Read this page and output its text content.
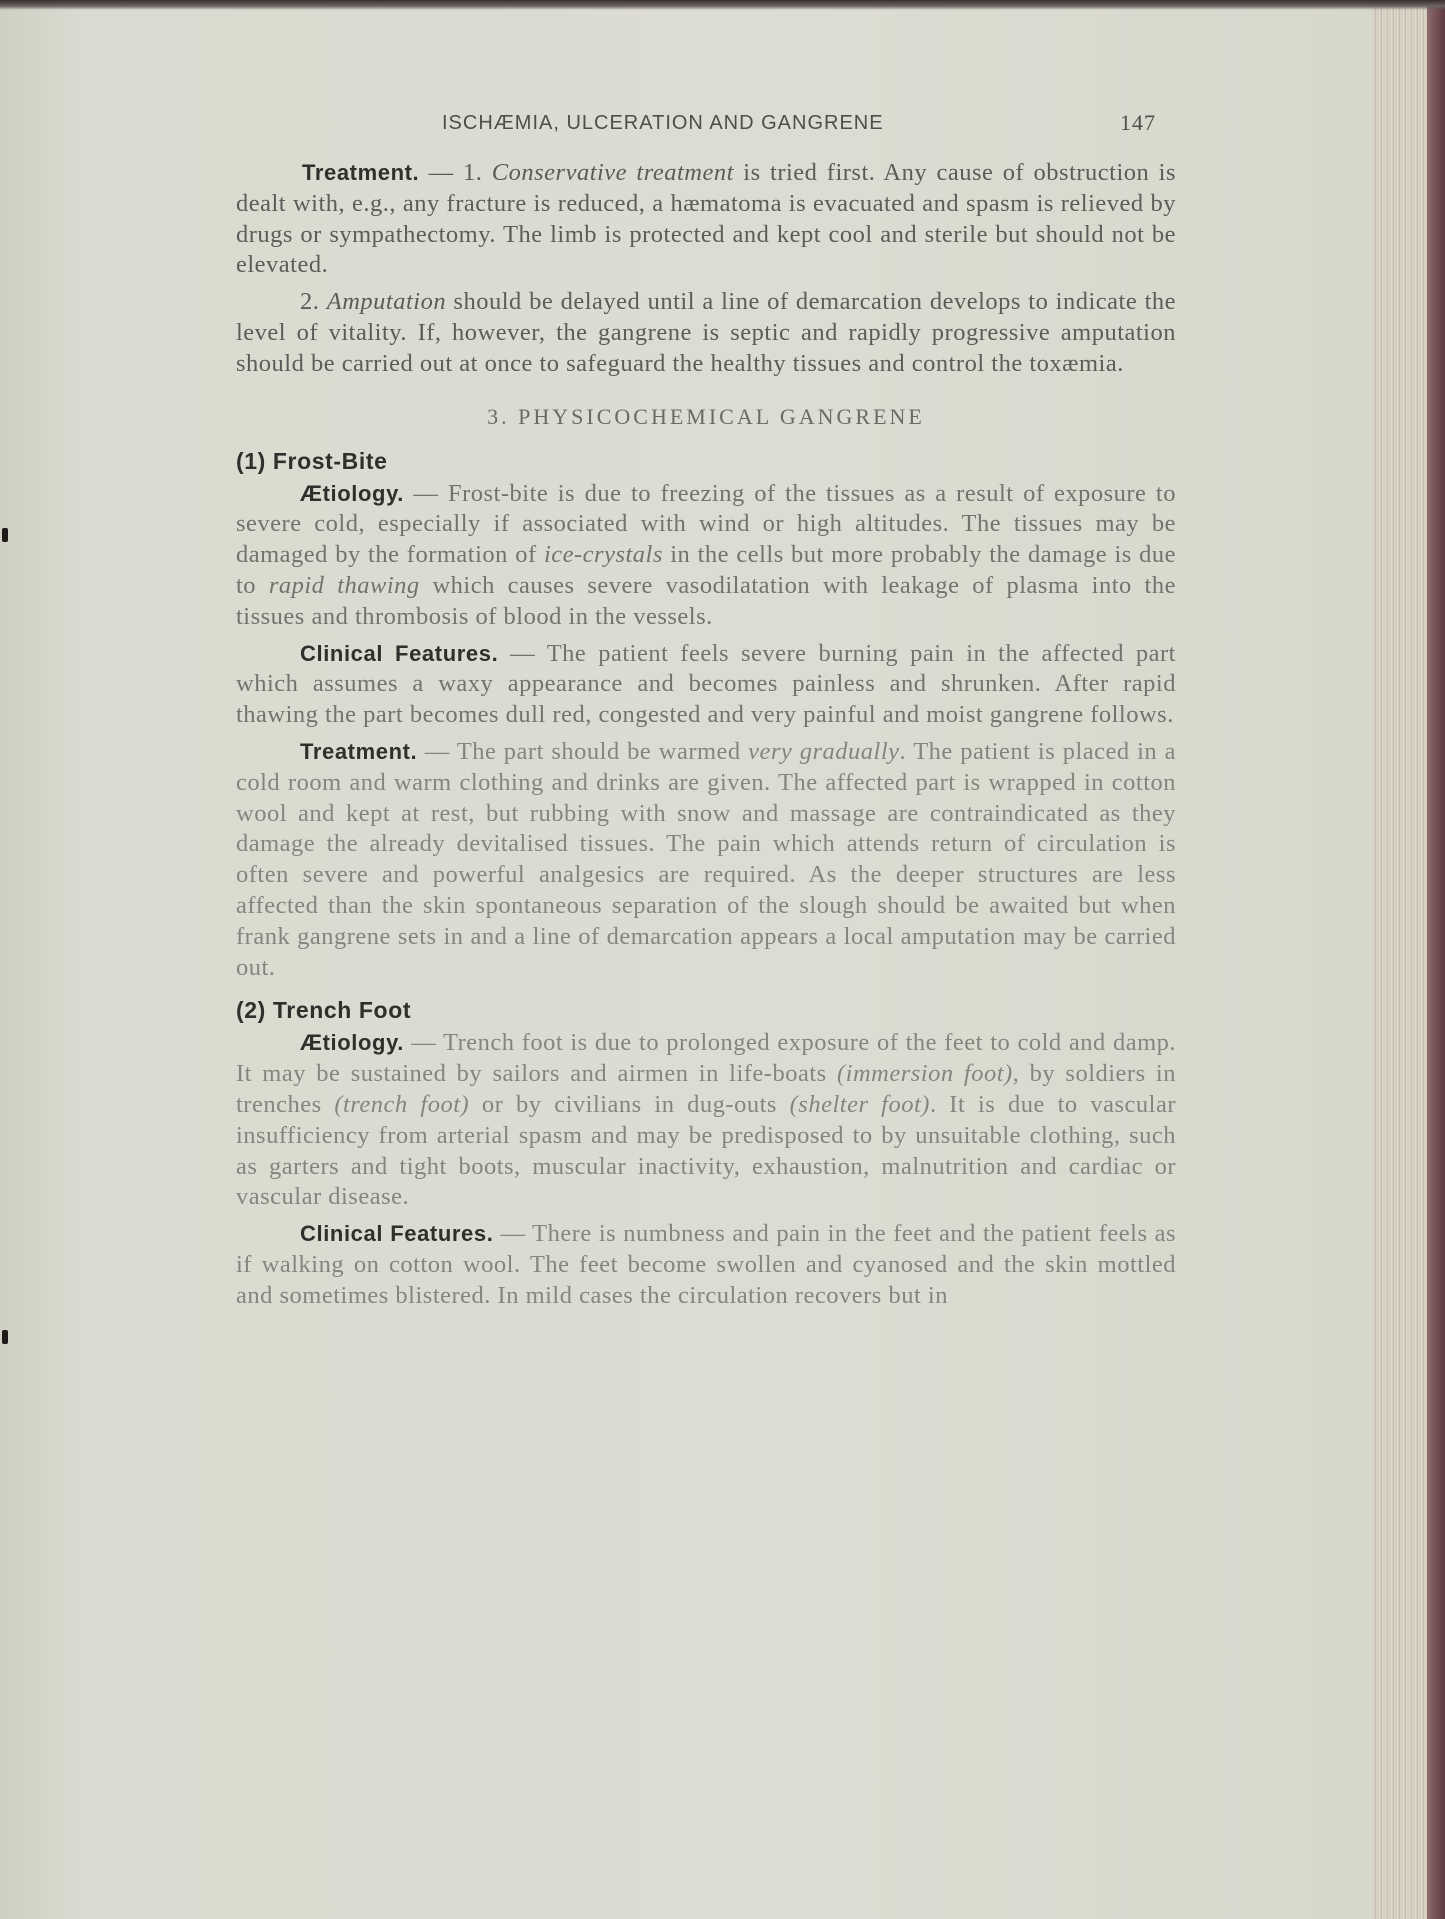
ISCHÆMIA, ULCERATION AND GANGRENE	147

Treatment. — 1. Conservative treatment is tried first. Any cause of obstruction is dealt with, e.g., any fracture is reduced, a hæmatoma is evacuated and spasm is relieved by drugs or sympathectomy. The limb is protected and kept cool and sterile but should not be elevated.

2. Amputation should be delayed until a line of demarcation develops to indicate the level of vitality. If, however, the gangrene is septic and rapidly progressive amputation should be carried out at once to safeguard the healthy tissues and control the toxæmia.

3. PHYSICOCHEMICAL GANGRENE
(1) Frost-Bite

Ætiology. — Frost-bite is due to freezing of the tissues as a result of exposure to severe cold, especially if associated with wind or high altitudes. The tissues may be damaged by the formation of ice-crystals in the cells but more probably the damage is due to rapid thawing which causes severe vasodilatation with leakage of plasma into the tissues and thrombosis of blood in the vessels.

Clinical Features. — The patient feels severe burning pain in the affected part which assumes a waxy appearance and becomes painless and shrunken. After rapid thawing the part becomes dull red, congested and very painful and moist gangrene follows.

Treatment. — The part should be warmed very gradually. The patient is placed in a cold room and warm clothing and drinks are given. The affected part is wrapped in cotton wool and kept at rest, but rubbing with snow and massage are contraindicated as they damage the already devitalised tissues. The pain which attends return of circulation is often severe and powerful analgesics are required. As the deeper structures are less affected than the skin spontaneous separation of the slough should be awaited but when frank gangrene sets in and a line of demarcation appears a local amputation may be carried out.

(2) Trench Foot

Ætiology. — Trench foot is due to prolonged exposure of the feet to cold and damp. It may be sustained by sailors and airmen in life-boats (immersion foot), by soldiers in trenches (trench foot) or by civilians in dug-outs (shelter foot). It is due to vascular insufficiency from arterial spasm and may be predisposed to by unsuitable clothing, such as garters and tight boots, muscular inactivity, exhaustion, malnutrition and cardiac or vascular disease.

Clinical Features. — There is numbness and pain in the feet and the patient feels as if walking on cotton wool. The feet become swollen and cyanosed and the skin mottled and sometimes blistered. In mild cases the circulation recovers but in
